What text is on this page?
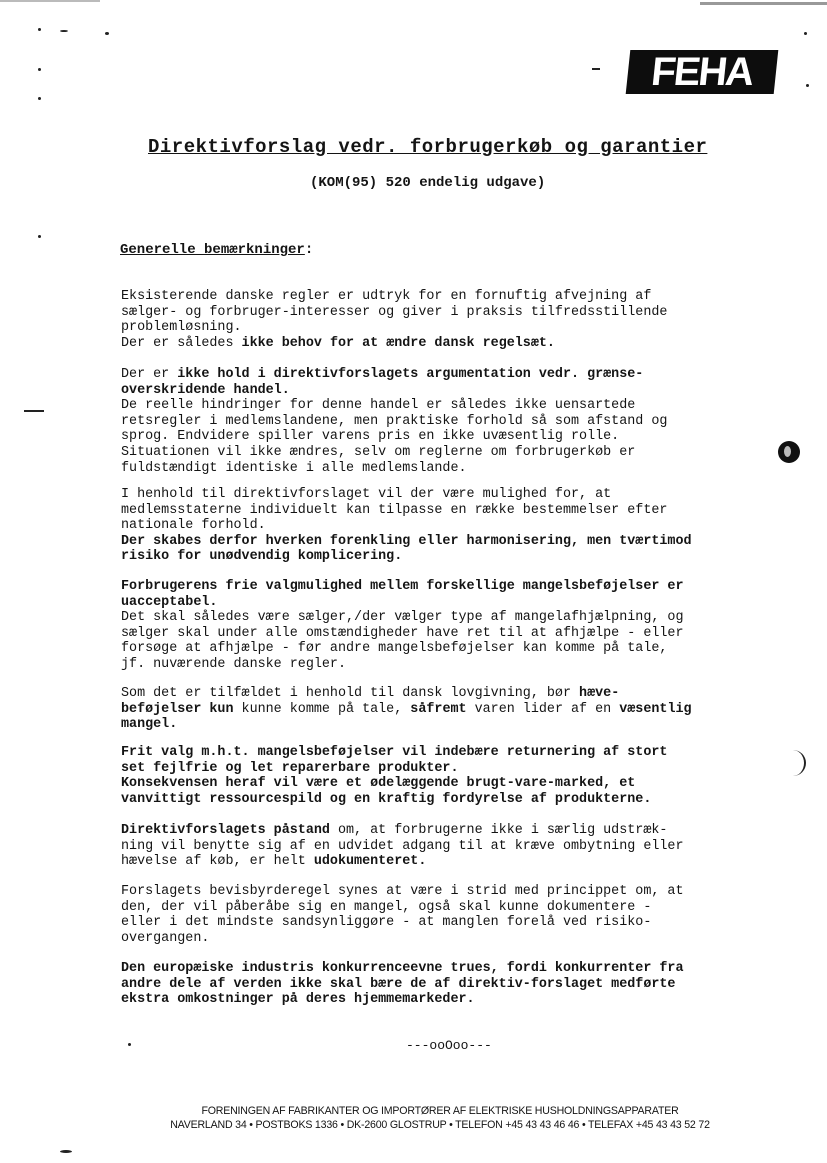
FEHA
Direktivforslag vedr. forbrugerkøb og garantier
(KOM(95) 520 endelig udgave)
Generelle bemærkninger:
Eksisterende danske regler er udtryk for en fornuftig afvejning af
sælger- og forbruger-interesser og giver i praksis tilfredsstillende
problemløsning.
Der er således ikke behov for at ændre dansk regelsæt.
Der er ikke hold i direktivforslagets argumentation vedr. grænse-
overskridende handel.
De reelle hindringer for denne handel er således ikke uensartede
retsregler i medlemslandene, men praktiske forhold så som afstand og
sprog. Endvidere spiller varens pris en ikke uvæsentlig rolle.
Situationen vil ikke ændres, selv om reglerne om forbrugerkøb er
fuldstændigt identiske i alle medlemslande.
I henhold til direktivforslaget vil der være mulighed for, at
medlemsstaterne individuelt kan tilpasse en række bestemmelser efter
nationale forhold.
Der skabes derfor hverken forenkling eller harmonisering, men tværtimod
risiko for unødvendig komplicering.
Forbrugerens frie valgmulighed mellem forskellige mangelsbeføjelser er
uacceptabel.
Det skal således være sælger,/der vælger type af mangelafhjælpning, og
sælger skal under alle omstændigheder have ret til at afhjælpe - eller
forsøge at afhjælpe - før andre mangelsbeføjelser kan komme på tale,
jf. nuværende danske regler.
Som det er tilfældet i henhold til dansk lovgivning, bør hæve-
beføjelser kun kunne komme på tale, såfremt varen lider af en væsentlig
mangel.
Frit valg m.h.t. mangelsbeføjelser vil indebære returnering af stort
set fejlfrie og let reparerbare produkter.
Konsekvensen heraf vil være et ødelæggende brugt-vare-marked, et
vanvittigt ressourcespild og en kraftig fordyrelse af produkterne.
Direktivforslagets påstand om, at forbrugerne ikke i særlig udstræk-
ning vil benytte sig af en udvidet adgang til at kræve ombytning eller
hævelse af køb, er helt udokumenteret.
Forslagets bevisbyrderegel synes at være i strid med princippet om, at
den, der vil påberåbe sig en mangel, også skal kunne dokumentere -
eller i det mindste sandsynliggøre - at manglen forelå ved risiko-
overgangen.
Den europæiske industris konkurrenceevne trues, fordi konkurrenter fra
andre dele af verden ikke skal bære de af direktiv-forslaget medførte
ekstra omkostninger på deres hjemmemarkeder.
---ooOoo---
FORENINGEN AF FABRIKANTER OG IMPORTØRER AF ELEKTRISKE HUSHOLDNINGSAPPARATER
NAVERLAND 34 • POSTBOKS 1336 • DK-2600 GLOSTRUP • TELEFON +45 43 43 46 46 • TELEFAX +45 43 43 52 72
